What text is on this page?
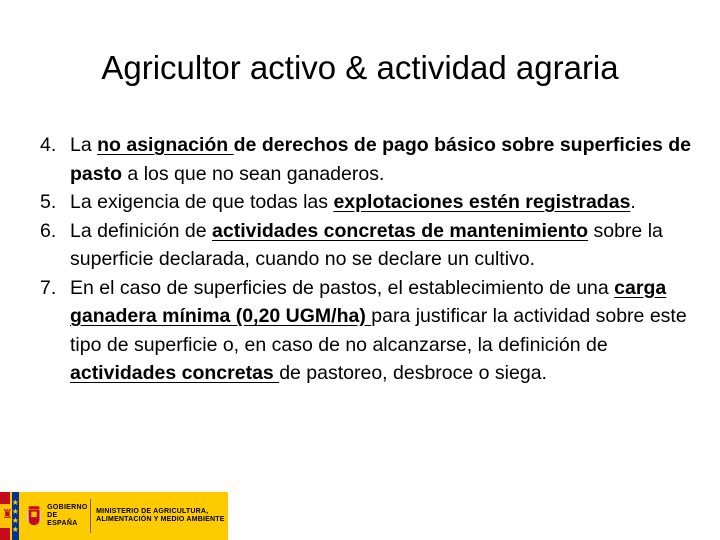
Agricultor activo & actividad agraria
4. La no asignación de derechos de pago básico sobre superficies de pasto a los que no sean ganaderos.
5. La exigencia de que todas las explotaciones estén registradas.
6. La definición de actividades concretas de mantenimiento sobre la superficie declarada, cuando no se declare un cultivo.
7. En el caso de superficies de pastos, el establecimiento de una carga ganadera mínima (0,20 UGM/ha) para justificar la actividad sobre este tipo de superficie o, en caso de no alcanzarse, la definición de actividades concretas de pastoreo, desbroce o siega.
♜
★
★
★
★
GOBIERNO DE ESPAÑA
MINISTERIO DE AGRICULTURA, ALIMENTACIÓN Y MEDIO AMBIENTE
